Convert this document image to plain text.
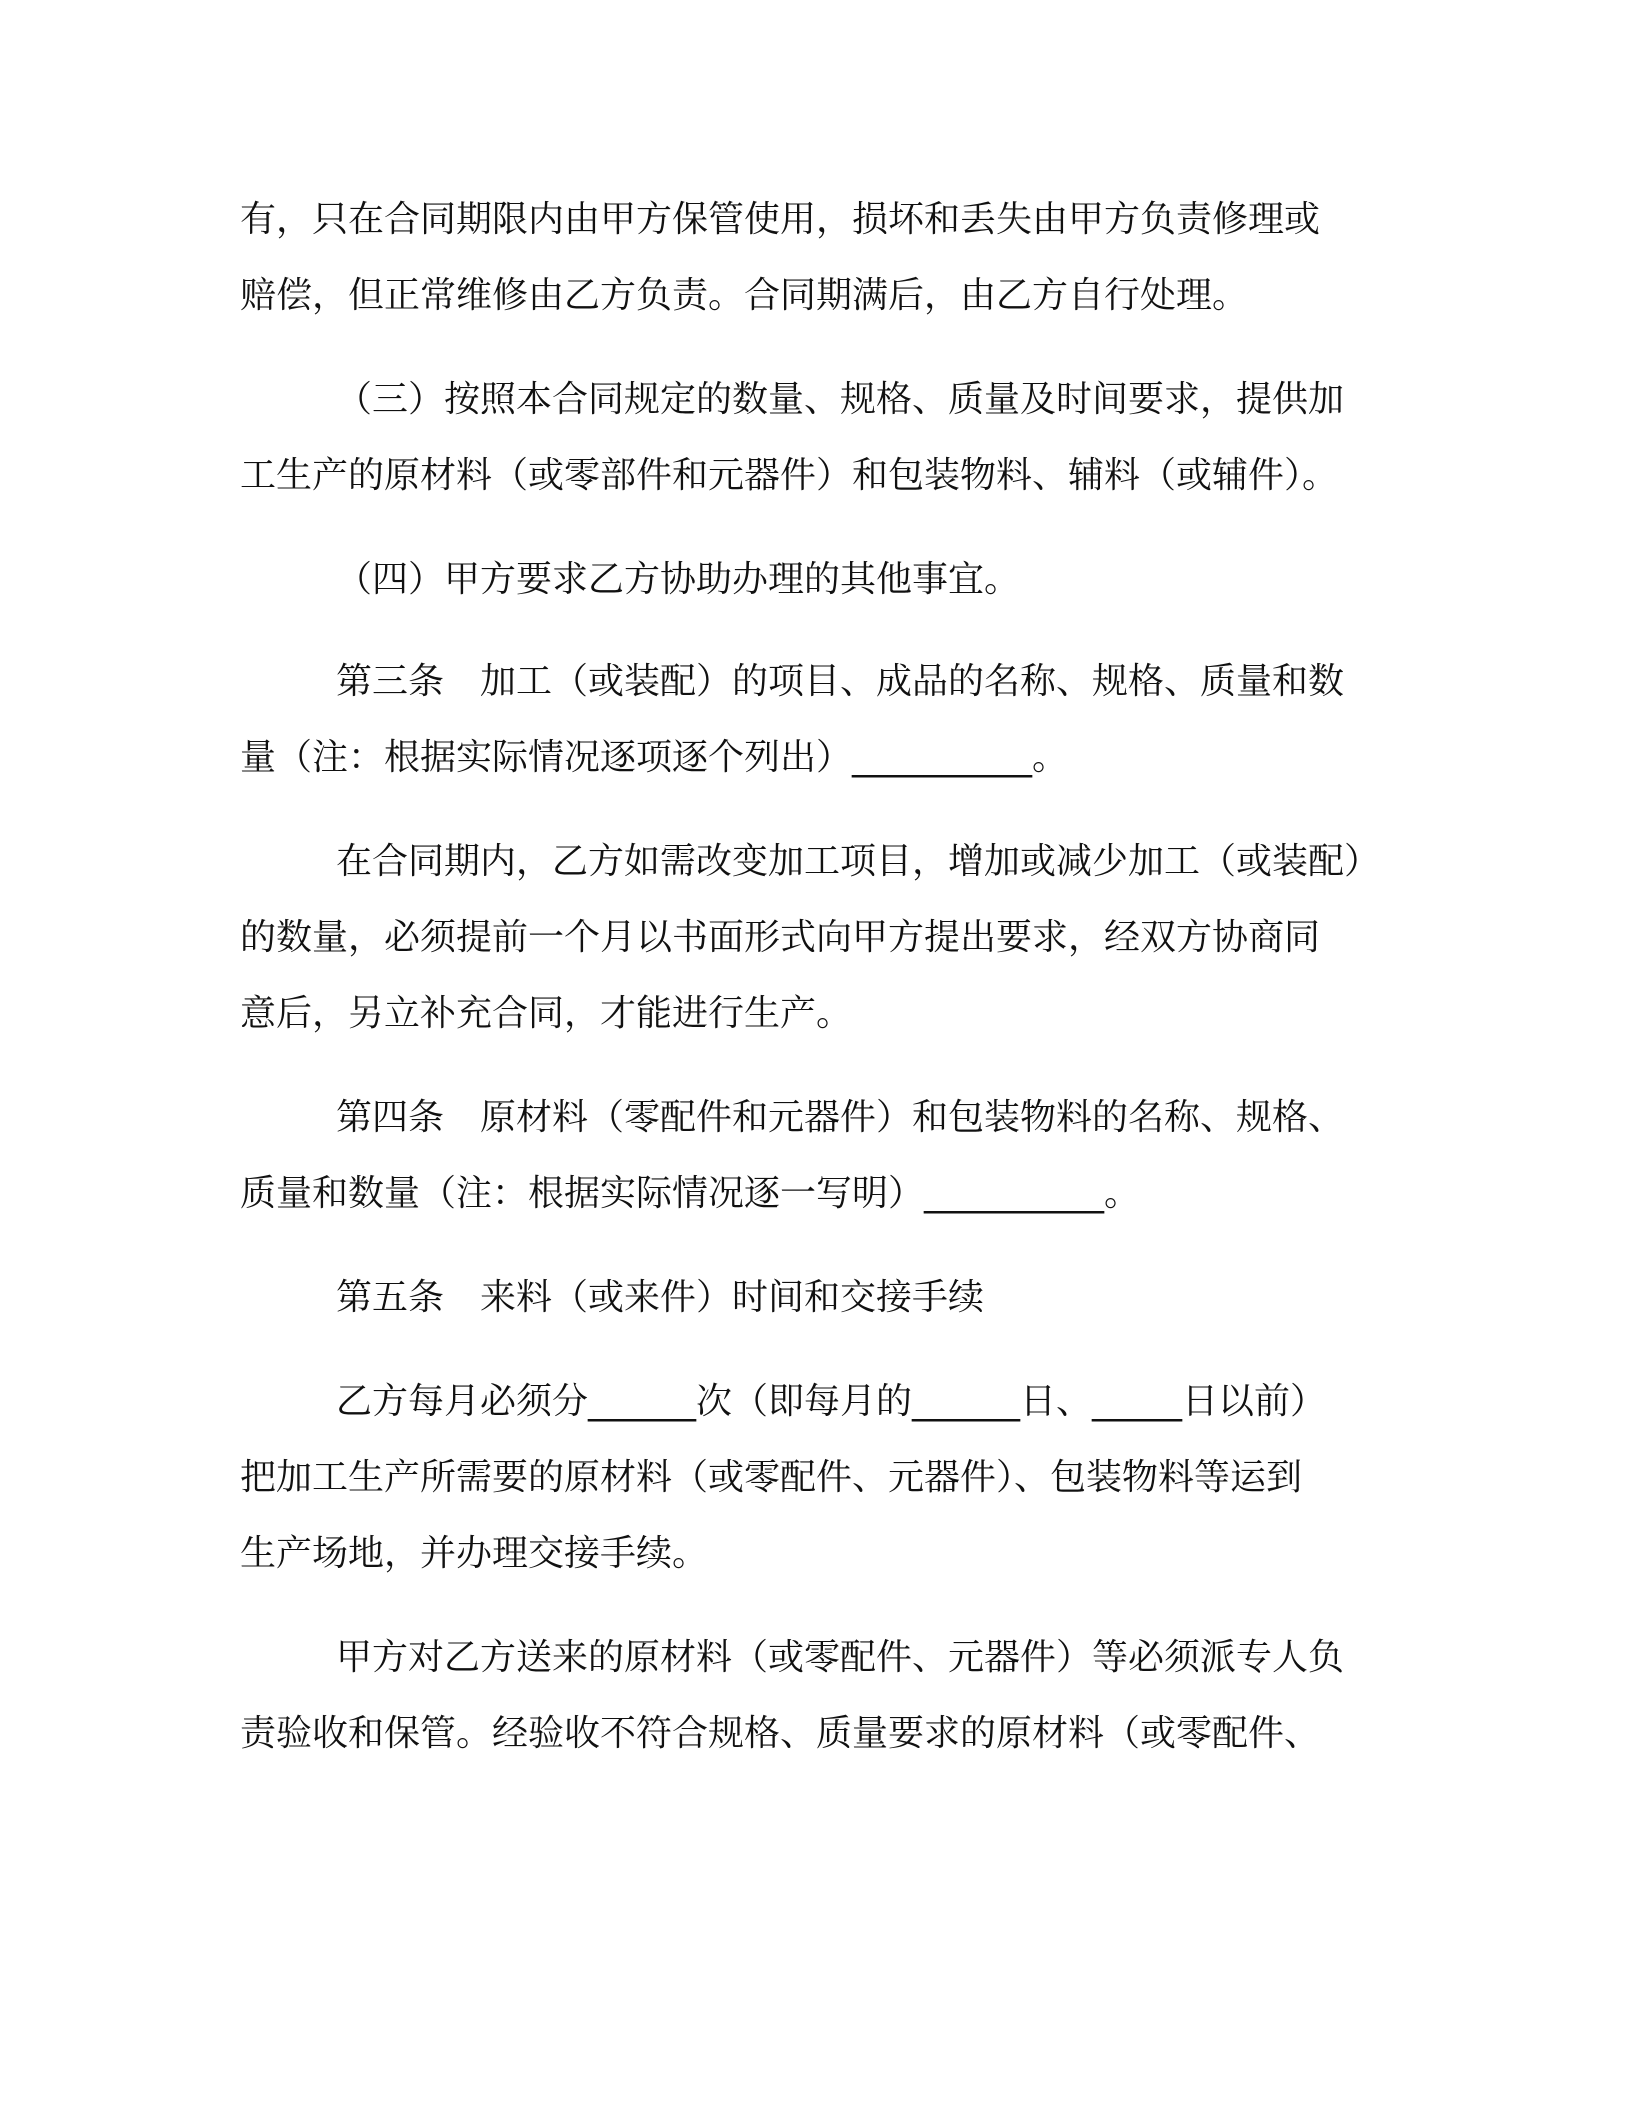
有，只在合同期限内由甲方保管使用，损坏和丢失由甲方负责修理或

赔偿，但正常维修由乙方负责。合同期满后，由乙方自行处理。

（三）按照本合同规定的数量、规格、质量及时间要求，提供加

工生产的原材料（或零部件和元器件）和包装物料、辅料（或辅件）。

（四）甲方要求乙方协助办理的其他事宜。

第三条　加工（或装配）的项目、成品的名称、规格、质量和数

量（注：根据实际情况逐项逐个列出）__________。

在合同期内，乙方如需改变加工项目，增加或减少加工（或装配）

的数量，必须提前一个月以书面形式向甲方提出要求，经双方协商同

意后，另立补充合同，才能进行生产。

第四条　原材料（零配件和元器件）和包装物料的名称、规格、

质量和数量（注：根据实际情况逐一写明）__________。

第五条　来料（或来件）时间和交接手续

乙方每月必须分______次（即每月的______日、_____日以前）

把加工生产所需要的原材料（或零配件、元器件）、包装物料等运到

生产场地，并办理交接手续。

甲方对乙方送来的原材料（或零配件、元器件）等必须派专人负

责验收和保管。经验收不符合规格、质量要求的原材料（或零配件、
